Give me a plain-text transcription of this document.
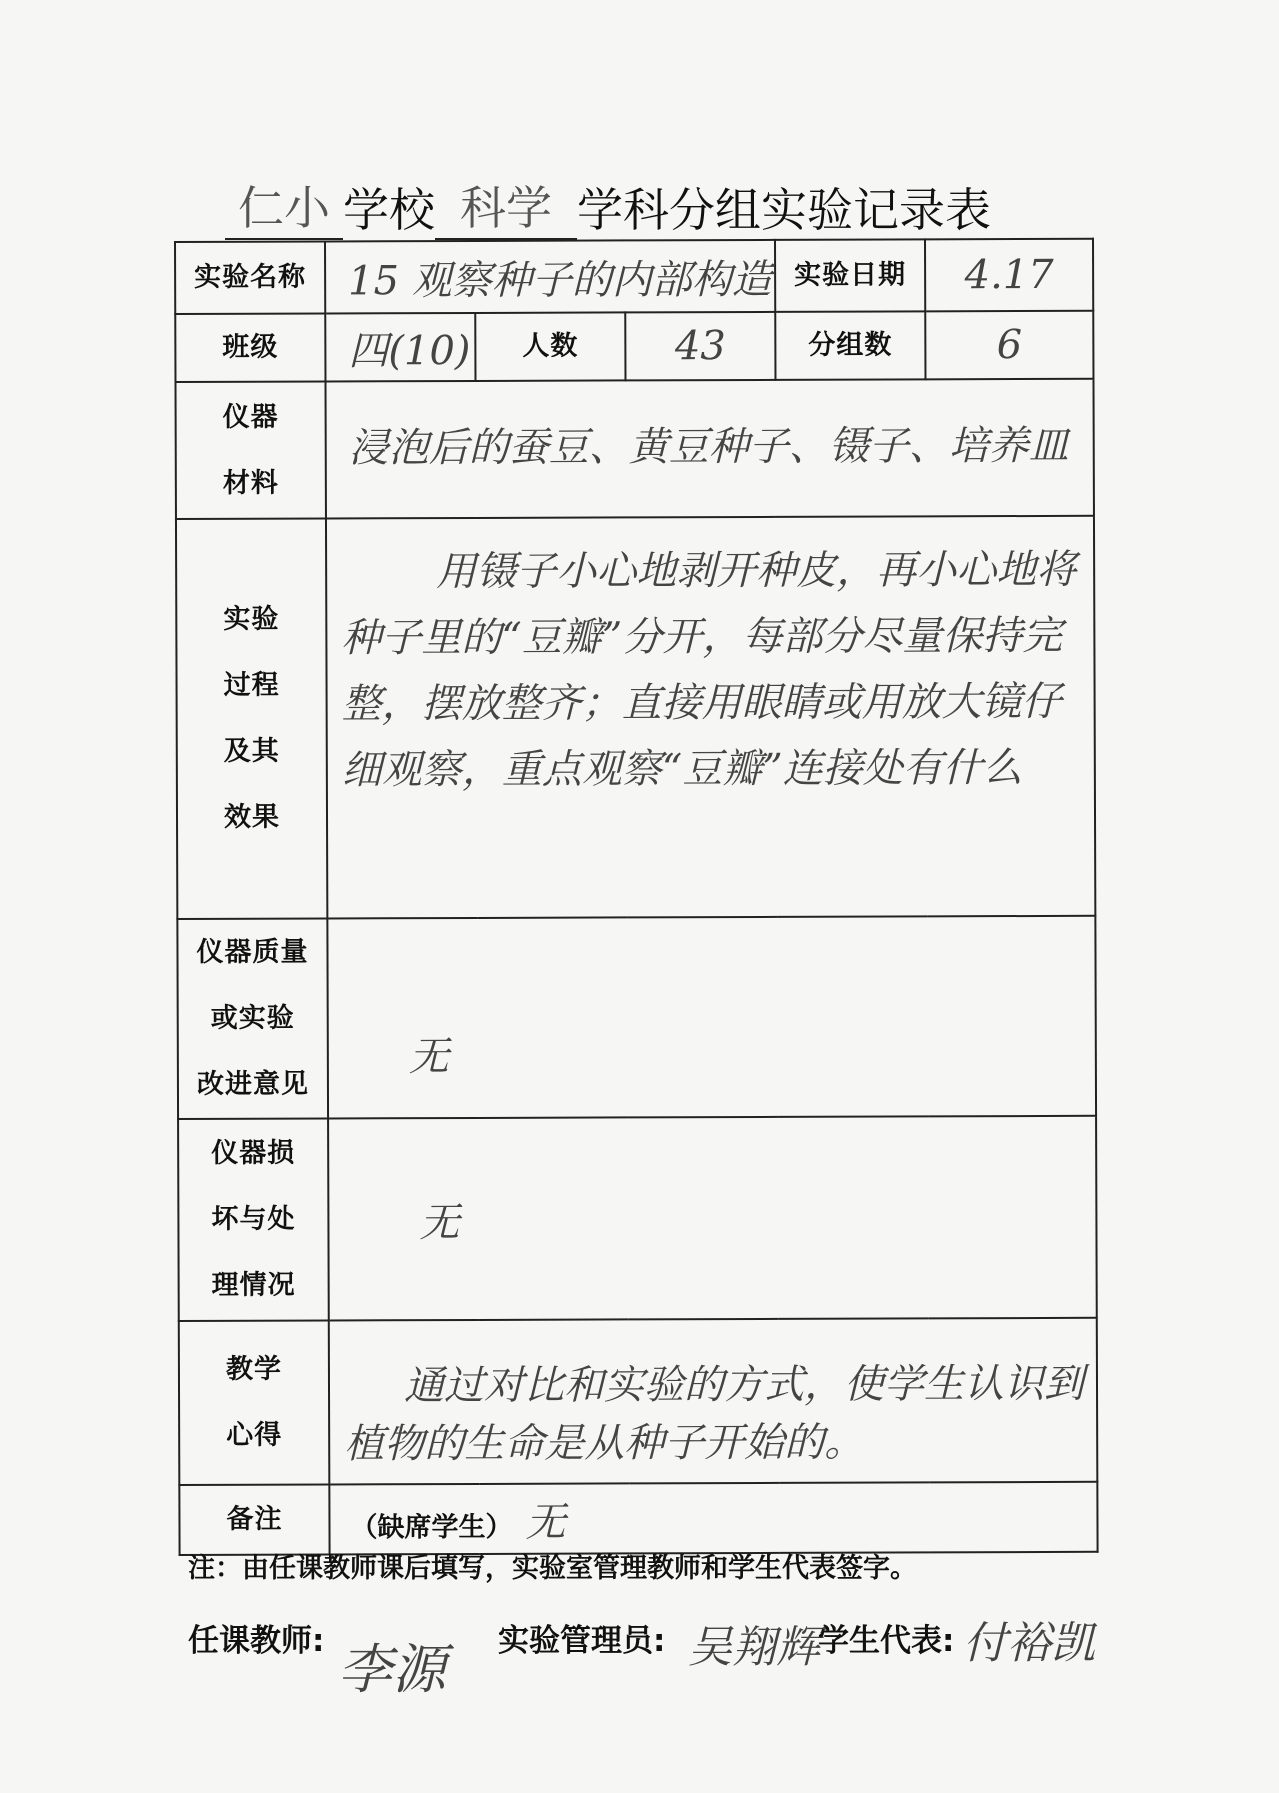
仁小 学校 科学 学科分组实验记录表
实验名称	15 观察种子的内部构造			实验日期	4.17
班级	四(10)	人数	43	分组数	6

仪器
材料	浸泡后的蚕豆、黄豆种子、镊子、培养皿				

实验
过程
及其
效果	用镊子小心地剥开种皮，再小心地将种子里的“豆瓣”分开，每部分尽量保持完整，摆放整齐；直接用眼睛或用放大镜仔细观察，重点观察“豆瓣”连接处有什么				

仪器质量
或实验
改进意见	无				

仪器损
坏与处
理情况	无				

教学
心得	通过对比和实验的方式，使学生认识到植物的生命是从种子开始的。				
备注	（缺席学生） 无				
注：由任课教师课后填写，实验室管理教师和学生代表签字。
任课教师: 李源 实验管理员: 吴翔辉
学生代表: 付裕凯
